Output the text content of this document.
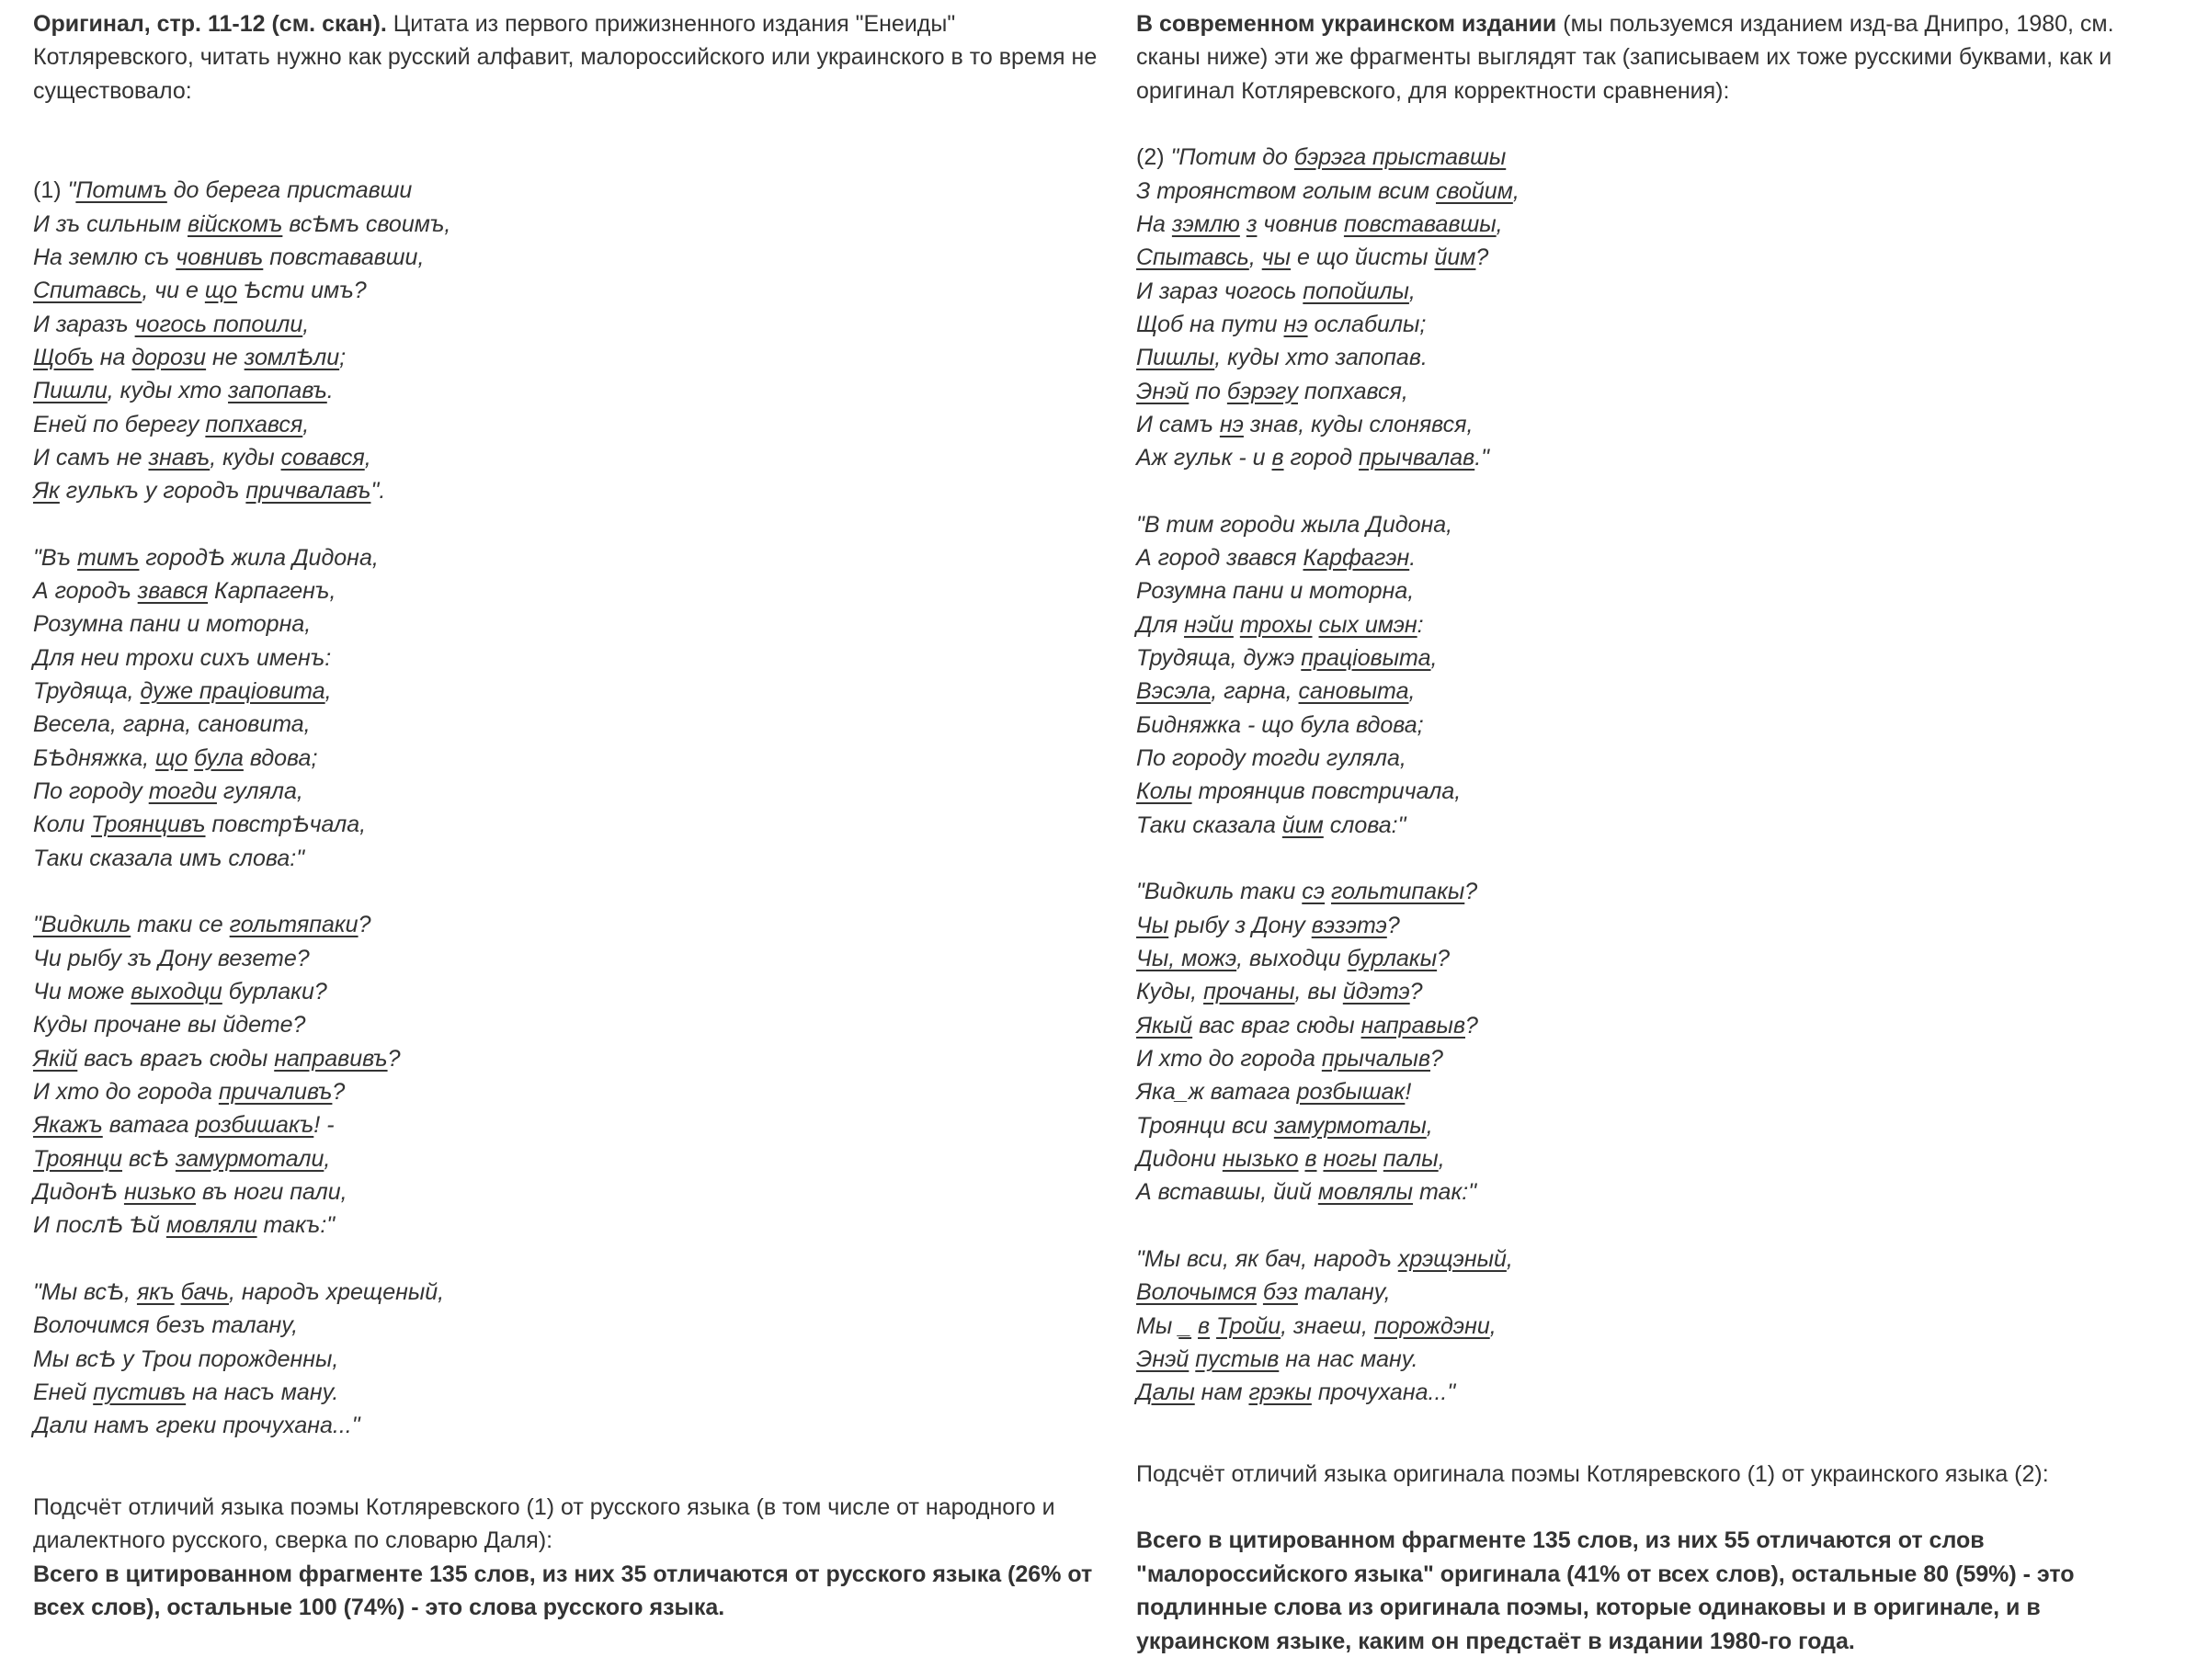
Оригинал, стр. 11-12 (см. скан). Цитата из первого прижизненного издания "Енеиды" Котляревского, читать нужно как русский алфавит, малороссийского или украинского в то время не существовало:

(1) "Потимъ до берега приставши
И зъ сильным війскомъ всѢмъ своимъ,
На землю съ човнивъ повстававши,
Спитавсь, чи е що Ѣсти имъ?
И заразъ чогось попоили,
Щобъ на дорози не зомлѢли;
Пишли, куды хто запопавъ.
Еней по берегу попхався,
И самъ не знавъ, куды совався,
Як гулькъ у городъ причвалавъ".
"Въ тимъ городѢ жила Дидона,
А городъ звався Карпагенъ,
Розумна пани и моторна,
Для неи трохи сихъ именъ:
Трудяща, дуже працiовита,
Весела, гарна, сановита,
БѢдняжка, що була вдова;
По городу тогди гуляла,
Коли Троянцивъ повстрѢчала,
Таки сказала имъ слова:"
"Видкиль таки се гольтяпаки?
Чи рыбу зъ Дону везете?
Чи може выходци бурлаки?
Куды прочане вы йдете?
Якiй васъ врагъ сюды направивъ?
И хто до города причаливъ?
Якажъ ватага розбишакъ! -
Троянци всѢ замурмотали,
ДидонѢ низько въ ноги пали,
И послѢ Ѣй мовляли такъ:"
"Мы всѢ, якъ бачь, народъ хрещеный,
Волочимся безъ талану,
Мы всѢ у Трои порожденны,
Еней пустивъ на насъ ману.
Дали намъ греки прочухана..."
Подсчёт отличий языка поэмы Котляревского (1) от русского языка (в том числе от народного и диалектного русского, сверка по словарю Даля):
Всего в цитированном фрагменте 135 слов, из них 35 отличаются от русского языка (26% от всех слов), остальные 100 (74%) - это слова русского языка.

В современном украинском издании (мы пользуемся изданием изд-ва Днипро, 1980, см. сканы ниже) эти же фрагменты выглядят так (записываем их тоже русскими буквами, как и оригинал Котляревского, для корректности сравнения):

(2) "Потим до бэрэга прыставшы
З троянством голым всим свойим,
На зэмлю з човнив повстававшы,
Спытавсь, чы е що йисты йим?
И зараз чогось попойилы,
Щоб на пути нэ ослабилы;
Пишлы, куды хто запопав.
Энэй по бэрэгу попхався,
И самъ нэ знав, куды слонявся,
Аж гульк - и в город прычвалав."
"В тим городи жыла Дидона,
А город звався Карфагэн.
Розумна пани и моторна,
Для нэйи трохы сых имэн:
Трудяща, дужэ працiовыта,
Вэсэла, гарна, сановыта,
Бидняжка - що була вдова;
По городу тогди гуляла,
Колы троянцив повстричала,
Таки сказала йим слова:"
"Видкиль таки сэ гольтипакы?
Чы рыбу з Дону вэзэтэ?
Чы, можэ, выходци бурлакы?
Куды, прочаны, вы йдэтэ?
Якый вас враг сюды направыв?
И хто до города прычалыв?
Яка_ж ватага розбышак!
Троянци вси замурмоталы,
Дидони нызько в ногы палы,
А вставшы, йий мовлялы так:"
"Мы вси, як бач, народъ хрэщэный,
Волочымся бэз талану,
Мы _ в Тройи, знаеш, порождэни,
Энэй пустыв на нас ману.
Далы нам грэкы прочухана..."
Подсчёт отличий языка оригинала поэмы Котляревского (1) от украинского языка (2):
Всего в цитированном фрагменте 135 слов, из них 55 отличаются от слов "малороссийского языка" оригинала (41% от всех слов), остальные 80 (59%) - это подлинные слова из оригинала поэмы, которые одинаковы и в оригинале, и в украинском языке, каким он предстаёт в издании 1980-го года.
